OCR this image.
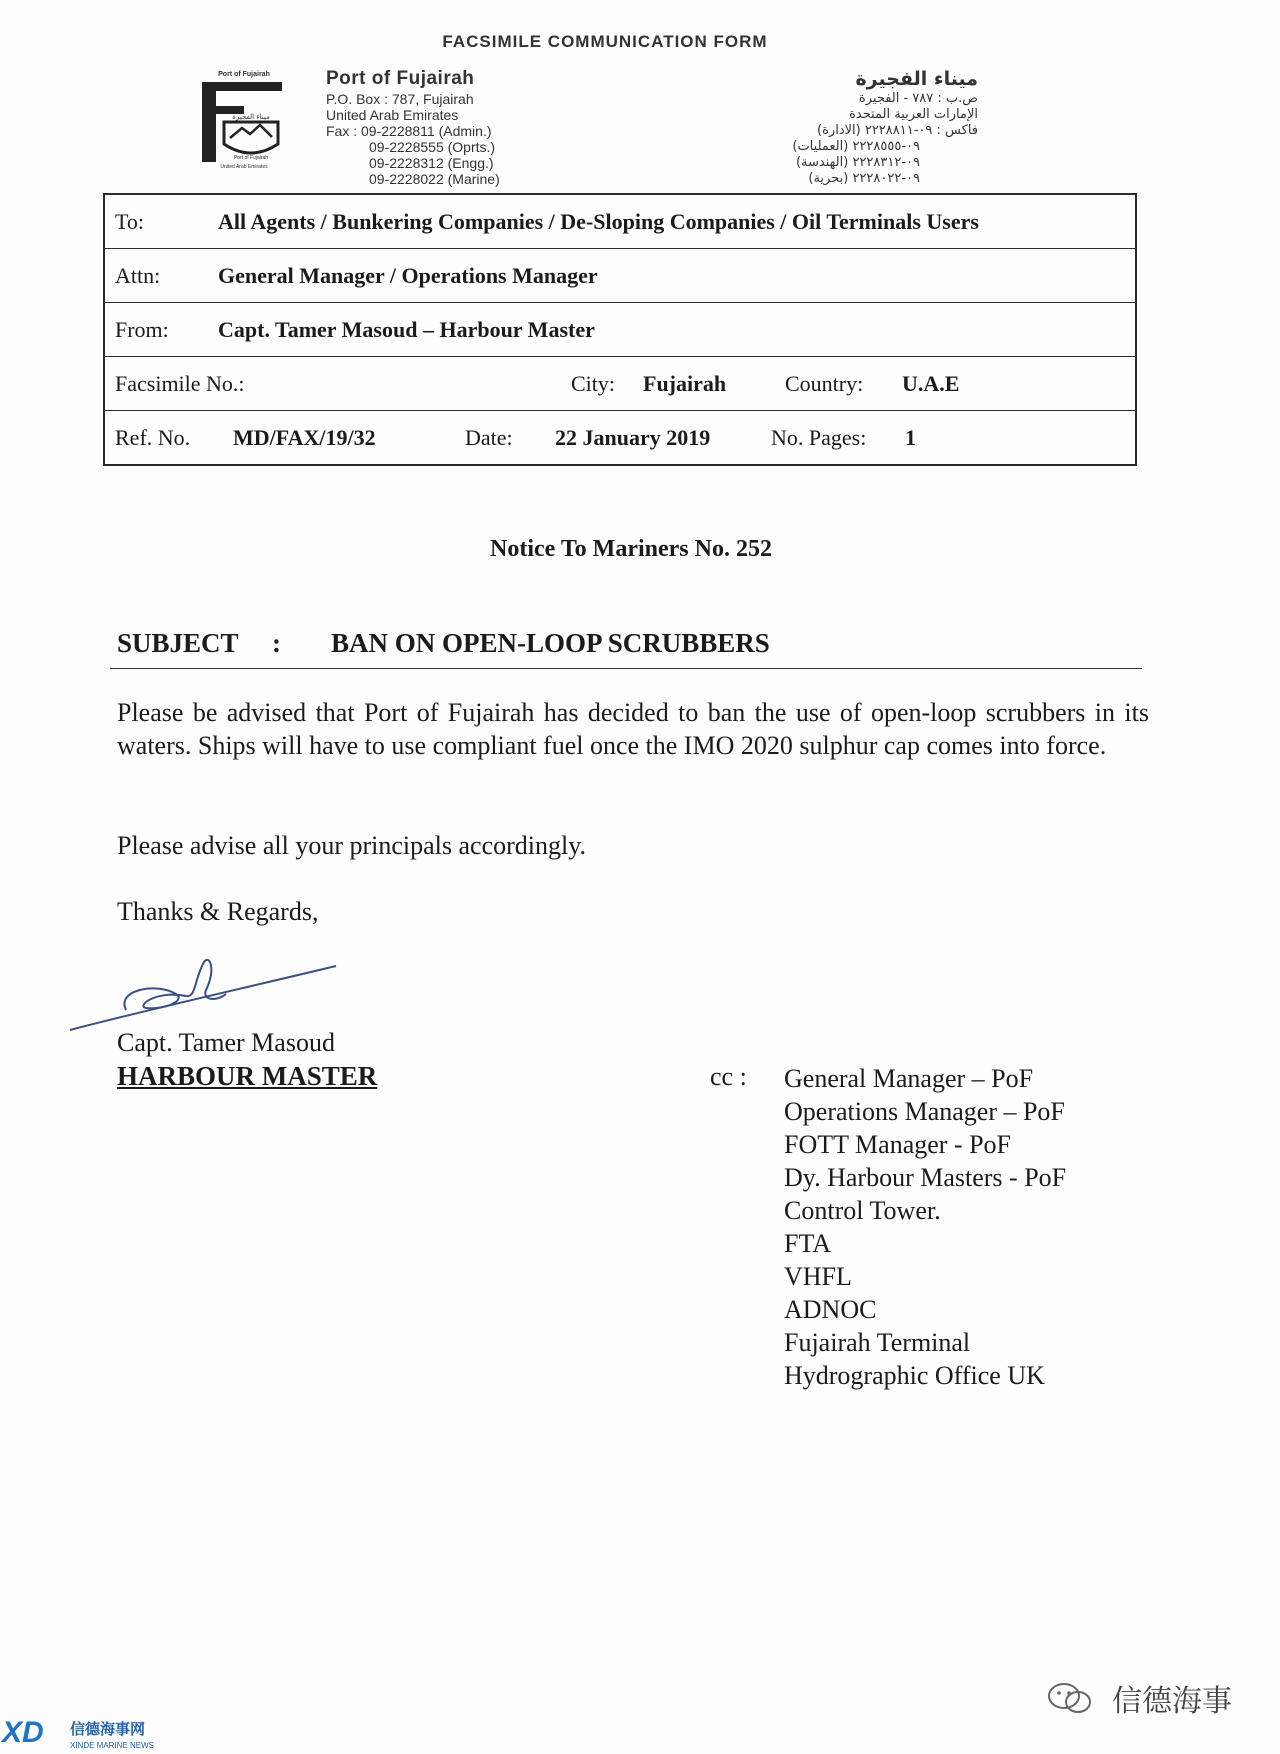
FACSIMILE COMMUNICATION FORM
Port of Fujairah
ميناء الفجيرة
Port of Fujairah
United Arab Emirates
Port of Fujairah
P.O. Box : 787, Fujairah
United Arab Emirates
Fax : 09-2228811 (Admin.)
09-2228555 (Oprts.)
09-2228312 (Engg.)
09-2228022 (Marine)
ميناء الفجيرة
ص.ب : ٧٨٧ - الفجيرة
الإمارات العربية المتحدة
فاكس : ٠٩-٢٢٢٨٨١١ (الادارة)
٠٩-٢٢٢٨٥٥٥ (العمليات)
٠٩-٢٢٢٨٣١٢ (الهندسة)
٠٩-٢٢٢٨٠٢٢ (بحرية)
To:	All Agents / Bunkering Companies / De-Sloping Companies / Oil Terminals Users
Attn:	General Manager / Operations Manager
From: Capt. Tamer Masoud – Harbour Master
Facsimile No.:	City: Fujairah	Country: U.A.E
Ref. No. MD/FAX/19/32	Date: 22 January 2019	No. Pages: 1
Notice To Mariners No. 252
SUBJECT : BAN ON OPEN-LOOP SCRUBBERS
Please be advised that Port of Fujairah has decided to ban the use of open-loop scrubbers in its waters. Ships will have to use compliant fuel once the IMO 2020 sulphur cap comes into force.
Please advise all your principals accordingly.
Thanks & Regards,
Capt. Tamer Masoud
HARBOUR MASTER	cc : General Manager – PoF
Operations Manager – PoF
FOTT Manager - PoF
Dy. Harbour Masters - PoF
Control Tower.
FTA
VHFL
ADNOC
Fujairah Terminal
Hydrographic Office UK
XD 信德海事网
XINDE MARINE NEWS
信德海事
